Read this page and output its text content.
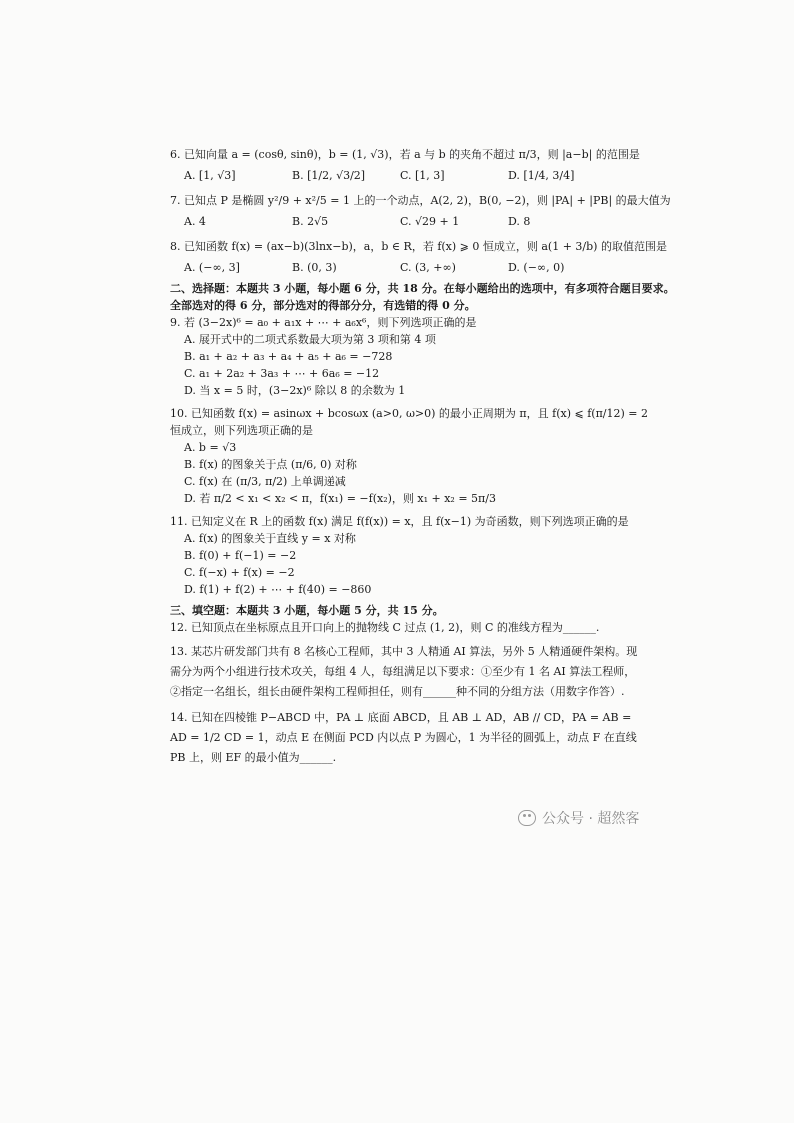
6. 已知向量 a = (cosθ, sinθ)，b = (1, √3)，若 a 与 b 的夹角不超过 π/3，则 |a−b| 的范围是
A. [1, √3]	B. [1/2, √3/2]	C. [1, 3]	D. [1/4, 3/4]
7. 已知点 P 是椭圆 y²/9 + x²/5 = 1 上的一个动点，A(2, 2)，B(0, −2)，则 |PA| + |PB| 的最大值为
A. 4	B. 2√5	C. √29 + 1	D. 8
8. 已知函数 f(x) = (ax−b)(3lnx−b)，a，b ∈ R，若 f(x) ⩾ 0 恒成立，则 a(1 + 3/b) 的取值范围是
A. (−∞, 3]	B. (0, 3)	C. (3, +∞)	D. (−∞, 0)
二、选择题：本题共 3 小题，每小题 6 分，共 18 分。在每小题给出的选项中，有多项符合题目要求。
全部选对的得 6 分，部分选对的得部分分，有选错的得 0 分。
9. 若 (3−2x)⁶ = a₀ + a₁x + ⋯ + a₆x⁶，则下列选项正确的是
A. 展开式中的二项式系数最大项为第 3 项和第 4 项
B. a₁ + a₂ + a₃ + a₄ + a₅ + a₆ = −728
C. a₁ + 2a₂ + 3a₃ + ⋯ + 6a₆ = −12
D. 当 x = 5 时，(3−2x)⁶ 除以 8 的余数为 1
10. 已知函数 f(x) = asinωx + bcosωx (a>0, ω>0) 的最小正周期为 π，且 f(x) ⩽ f(π/12) = 2
恒成立，则下列选项正确的是
A. b = √3
B. f(x) 的图象关于点 (π/6, 0) 对称
C. f(x) 在 (π/3, π/2) 上单调递减
D. 若 π/2 < x₁ < x₂ < π，f(x₁) = −f(x₂)，则 x₁ + x₂ = 5π/3
11. 已知定义在 R 上的函数 f(x) 满足 f(f(x)) = x，且 f(x−1) 为奇函数，则下列选项正确的是
A. f(x) 的图象关于直线 y = x 对称
B. f(0) + f(−1) = −2
C. f(−x) + f(x) = −2
D. f(1) + f(2) + ⋯ + f(40) = −860
三、填空题：本题共 3 小题，每小题 5 分，共 15 分。
12. 已知顶点在坐标原点且开口向上的抛物线 C 过点 (1, 2)，则 C 的准线方程为______.
13. 某芯片研发部门共有 8 名核心工程师，其中 3 人精通 AI 算法，另外 5 人精通硬件架构。现需分为两个小组进行技术攻关，每组 4 人，每组满足以下要求：①至少有 1 名 AI 算法工程师，②指定一名组长，组长由硬件架构工程师担任，则有______种不同的分组方法（用数字作答）.
14. 已知在四棱锥 P−ABCD 中，PA ⊥ 底面 ABCD，且 AB ⊥ AD，AB // CD，PA = AB = AD = 1/2 CD = 1，动点 E 在侧面 PCD 内以点 P 为圆心，1 为半径的圆弧上，动点 F 在直线 PB 上，则 EF 的最小值为______.
公众号 · 超然客
